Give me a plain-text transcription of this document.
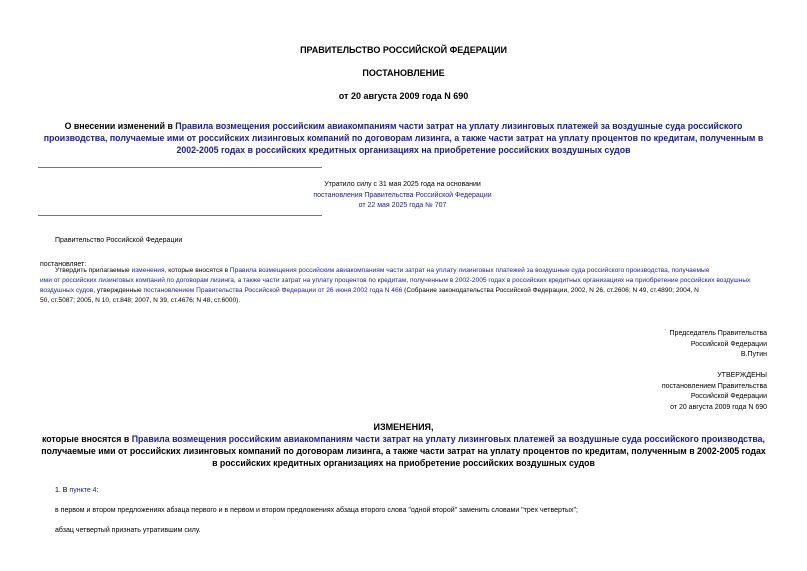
ПРАВИТЕЛЬСТВО РОССИЙСКОЙ ФЕДЕРАЦИИ
ПОСТАНОВЛЕНИЕ
от 20 августа 2009 года N 690
О внесении изменений в Правила возмещения российским авиакомпаниям части затрат на уплату лизинговых платежей за воздушные суда российского
производства, получаемые ими от российских лизинговых компаний по договорам лизинга, а также части затрат на уплату процентов по кредитам, полученным в
2002-2005 годах в российских кредитных организациях на приобретение российских воздушных судов
Утратило силу с 31 мая 2025 года на основании
постановления Правительства Российской Федерации
от 22 мая 2025 года № 707
Правительство Российской Федерации
постановляет:
Утвердить прилагаемые изменения, которые вносятся в Правила возмещения российским авиакомпаниям части затрат на уплату лизинговых платежей за воздушные суда российского производства, получаемые
ими от российских лизинговых компаний по договорам лизинга, а также части затрат на уплату процентов по кредитам, полученным в 2002-2005 годах в российских кредитных организациях на приобретение российских воздушных
воздушных судов, утвержденные постановлением Правительства Российской Федерации от 26 июня 2002 года N 466 (Собрание законодательства Российской Федерации, 2002, N 26, ст.2606; N 49, ст.4890; 2004, N
50, ст.5087; 2005, N 10, ст.848; 2007, N 39, ст.4676; N 48, ст.6000).
Председатель Правительства
Российской Федерации
В.Путин
УТВЕРЖДЕНЫ
постановлением Правительства
Российской Федерации
от 20 августа 2009 года N 690
ИЗМЕНЕНИЯ,
которые вносятся в Правила возмещения российским авиакомпаниям части затрат на уплату лизинговых платежей за воздушные суда российского производства,
получаемые ими от российских лизинговых компаний по договорам лизинга, а также части затрат на уплату процентов по кредитам, полученным в 2002-2005 годах
в российских кредитных организациях на приобретение российских воздушных судов
1. В пункте 4:
в первом и втором предложениях абзаца первого и в первом и втором предложениях абзаца второго слова "одной второй" заменить словами "трех четвертых";
абзац четвертый признать утратившим силу.
